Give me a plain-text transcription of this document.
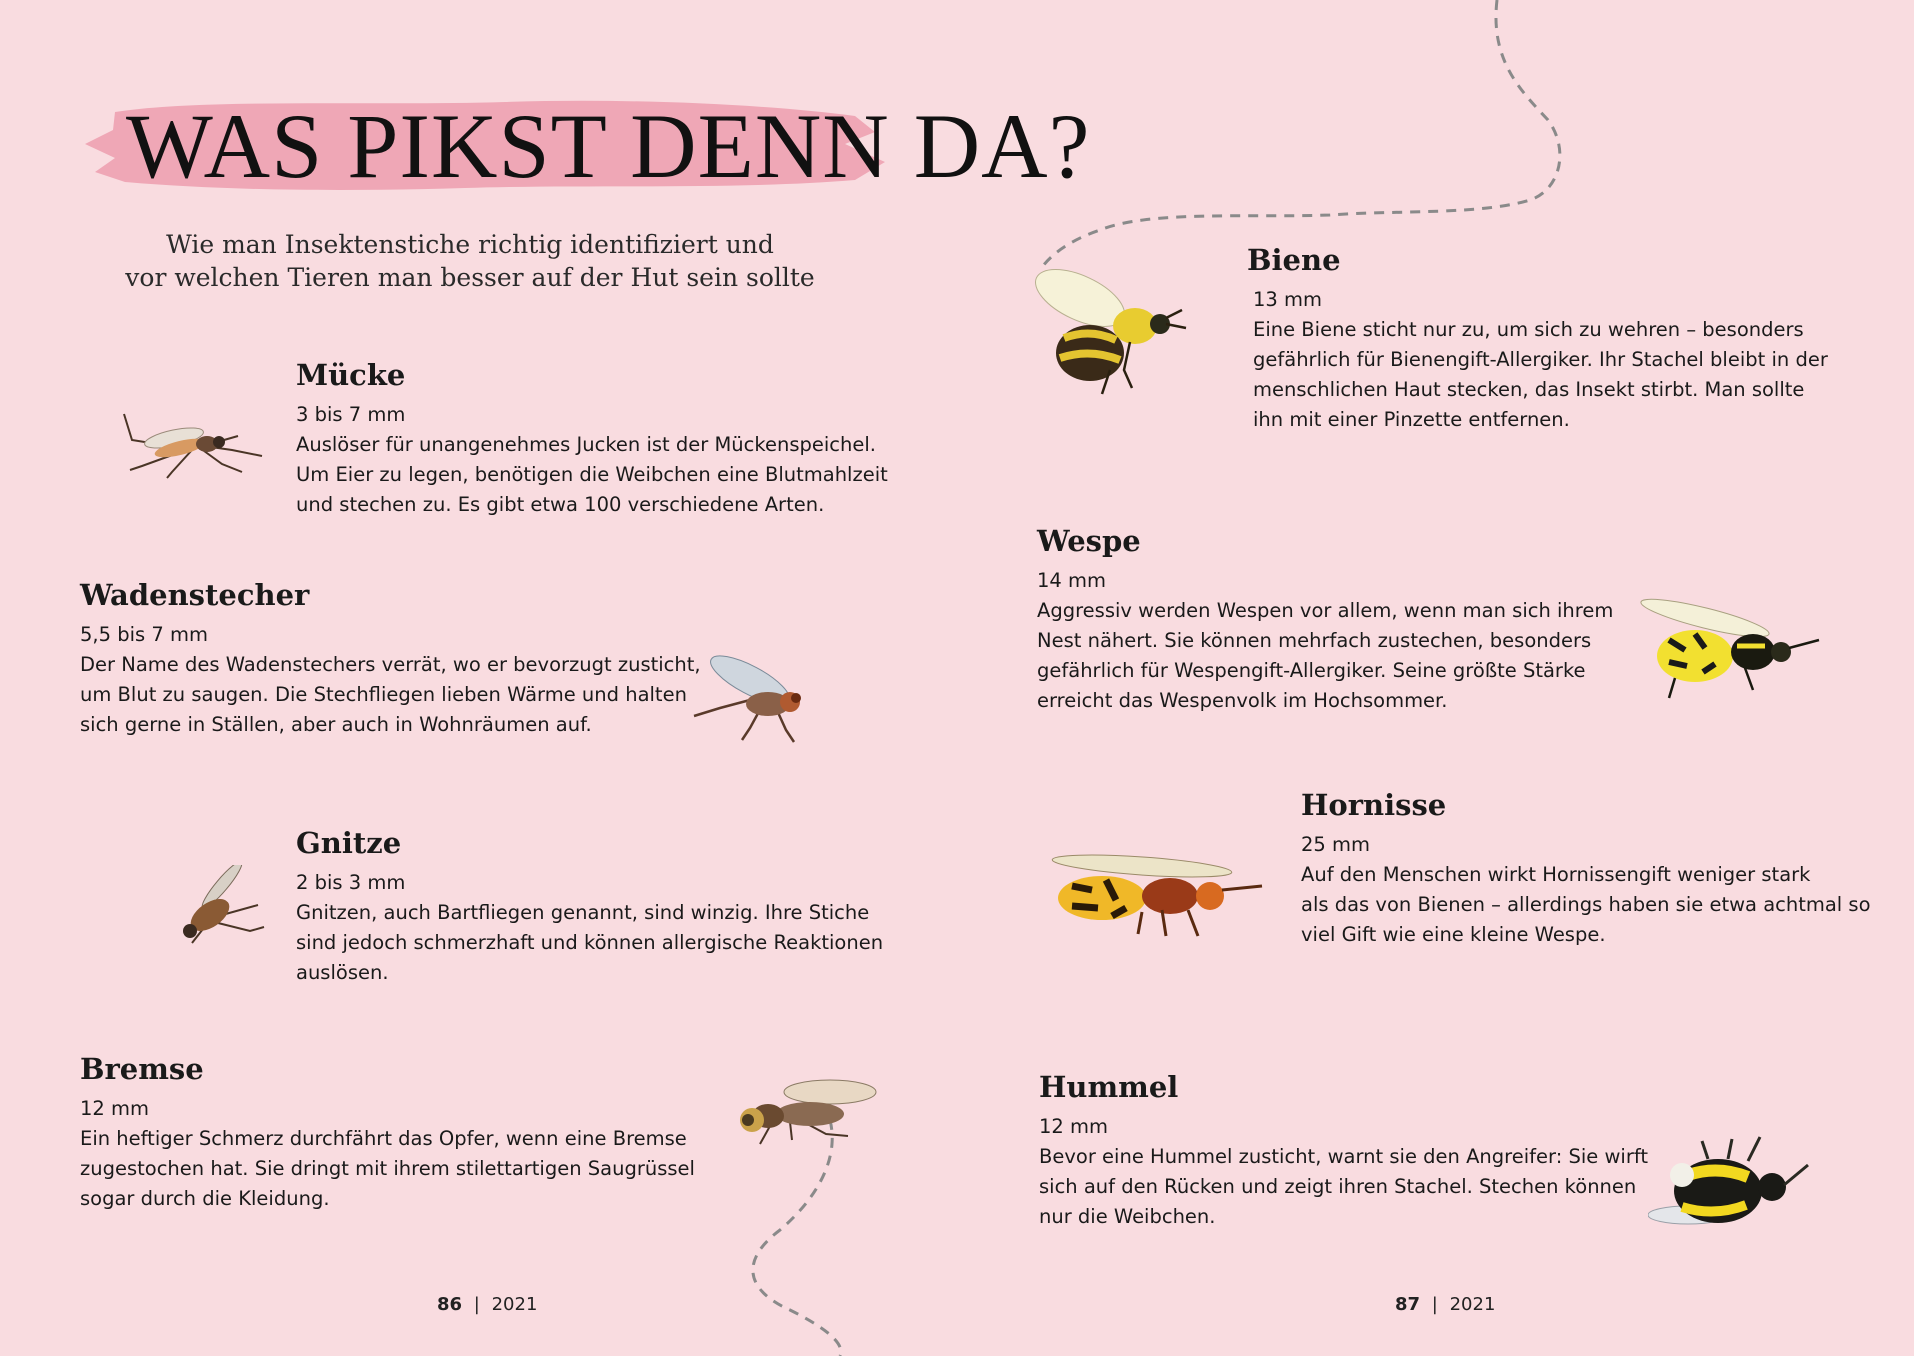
WAS PIKST DENN DA?
Wie man Insektenstiche richtig identifiziert und
vor welchen Tieren man besser auf der Hut sein sollte
Mücke
3 bis 7 mm
Auslöser für unangenehmes Jucken ist der Mückenspeichel.
Um Eier zu legen, benötigen die Weibchen eine Blutmahlzeit
und stechen zu. Es gibt etwa 100 verschiedene Arten.
Wadenstecher
5,5 bis 7 mm
Der Name des Wadenstechers verrät, wo er bevorzugt zusticht,
um Blut zu saugen. Die Stechfliegen lieben Wärme und halten
sich gerne in Ställen, aber auch in Wohnräumen auf.
Gnitze
2 bis 3 mm
Gnitzen, auch Bartfliegen genannt, sind winzig. Ihre Stiche
sind jedoch schmerzhaft und können allergische Reaktionen
auslösen.
Bremse
12 mm
Ein heftiger Schmerz durchfährt das Opfer, wenn eine Bremse
zugestochen hat. Sie dringt mit ihrem stilettartigen Saugrüssel
sogar durch die Kleidung.
Biene
13 mm
Eine Biene sticht nur zu, um sich zu wehren – besonders
gefährlich für Bienengift-Allergiker. Ihr Stachel bleibt in der
menschlichen Haut stecken, das Insekt stirbt. Man sollte
ihn mit einer Pinzette entfernen.
Wespe
14 mm
Aggressiv werden Wespen vor allem, wenn man sich ihrem
Nest nähert. Sie können mehrfach zustechen, besonders
gefährlich für Wespengift-Allergiker. Seine größte Stärke
erreicht das Wespenvolk im Hochsommer.
Hornisse
25 mm
Auf den Menschen wirkt Hornissengift weniger stark
als das von Bienen – allerdings haben sie etwa achtmal so
viel Gift wie eine kleine Wespe.
Hummel
12 mm
Bevor eine Hummel zusticht, warnt sie den Angreifer: Sie wirft
sich auf den Rücken und zeigt ihren Stachel. Stechen können
nur die Weibchen.
86 | 2021	87 | 2021
